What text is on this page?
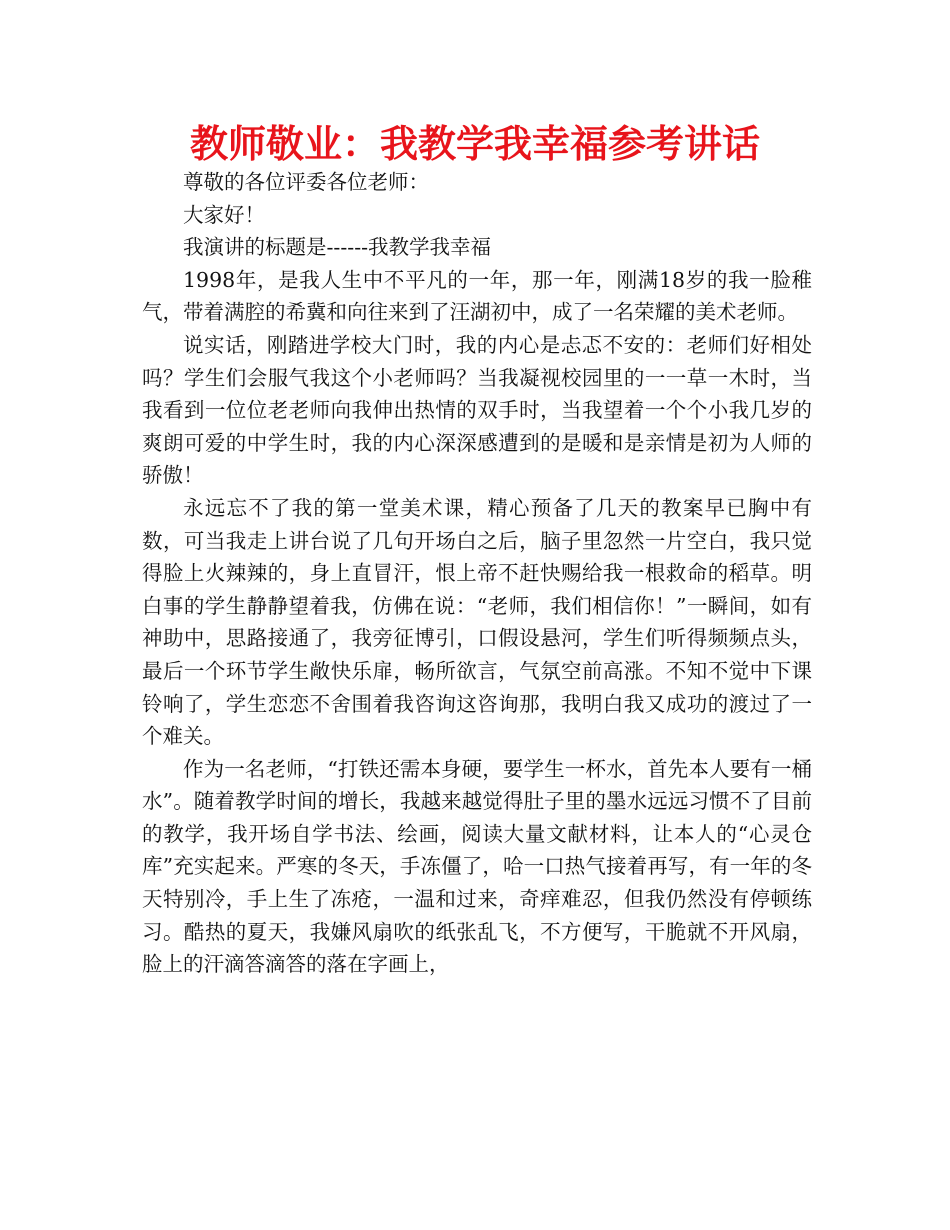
教师敬业：我教学我幸福参考讲话

尊敬的各位评委各位老师：

大家好！

我演讲的标题是------我教学我幸福

1998年，是我人生中不平凡的一年，那一年，刚满18岁的我一脸稚气，带着满腔的希冀和向往来到了汪湖初中，成了一名荣耀的美术老师。

说实话，刚踏进学校大门时，我的内心是忐忑不安的：老师们好相处吗？学生们会服气我这个小老师吗？当我凝视校园里的一一草一木时，当我看到一位位老老师向我伸出热情的双手时，当我望着一个个小我几岁的爽朗可爱的中学生时，我的内心深深感遭到的是暖和是亲情是初为人师的骄傲！

永远忘不了我的第一堂美术课，精心预备了几天的教案早已胸中有数，可当我走上讲台说了几句开场白之后，脑子里忽然一片空白，我只觉得脸上火辣辣的，身上直冒汗，恨上帝不赶快赐给我一根救命的稻草。明白事的学生静静望着我，仿佛在说：“老师，我们相信你！”一瞬间，如有神助中，思路接通了，我旁征博引，口假设悬河，学生们听得频频点头，最后一个环节学生敞快乐扉，畅所欲言，气氛空前高涨。不知不觉中下课铃响了，学生恋恋不舍围着我咨询这咨询那，我明白我又成功的渡过了一个难关。

作为一名老师，“打铁还需本身硬，要学生一杯水，首先本人要有一桶水”。随着教学时间的增长，我越来越觉得肚子里的墨水远远习惯不了目前的教学，我开场自学书法、绘画，阅读大量文献材料，让本人的“心灵仓库”充实起来。严寒的冬天，手冻僵了，哈一口热气接着再写，有一年的冬天特别冷，手上生了冻疮，一温和过来，奇痒难忍，但我仍然没有停顿练习。酷热的夏天，我嫌风扇吹的纸张乱飞，不方便写，干脆就不开风扇，脸上的汗滴答滴答的落在字画上，
